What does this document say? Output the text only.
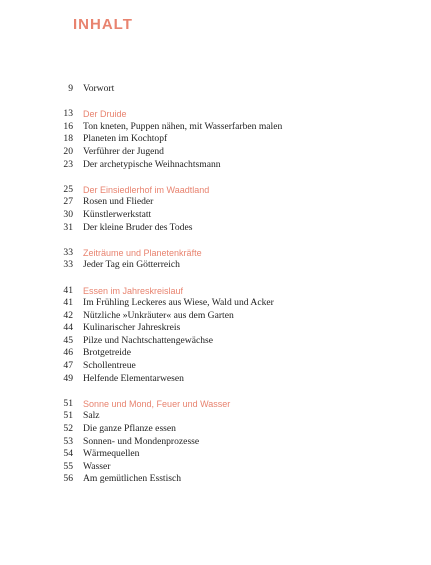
INHALT
9 Vorwort
13 Der Druide
16 Ton kneten, Puppen nähen, mit Wasserfarben malen
18 Planeten im Kochtopf
20 Verführer der Jugend
23 Der archetypische Weihnachtsmann
25 Der Einsiedlerhof im Waadtland
27 Rosen und Flieder
30 Künstlerwerkstatt
31 Der kleine Bruder des Todes
33 Zeiträume und Planetenkräfte
33 Jeder Tag ein Götterreich
41 Essen im Jahreskreislauf
41 Im Frühling Leckeres aus Wiese, Wald und Acker
42 Nützliche »Unkräuter« aus dem Garten
44 Kulinarischer Jahreskreis
45 Pilze und Nachtschattengewächse
46 Brotgetreide
47 Schollentreue
49 Helfende Elementarwesen
51 Sonne und Mond, Feuer und Wasser
51 Salz
52 Die ganze Pflanze essen
53 Sonnen- und Mondenprozesse
54 Wärmequellen
55 Wasser
56 Am gemütlichen Esstisch
